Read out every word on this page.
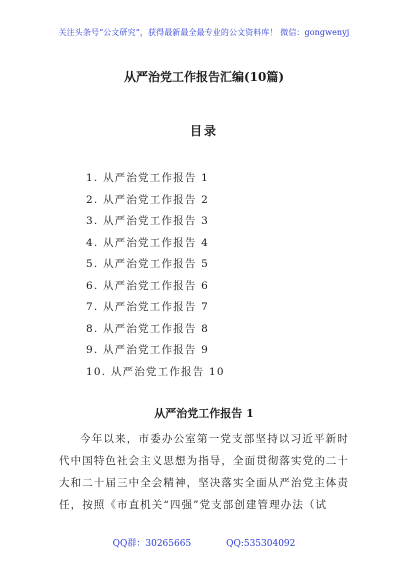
关注头条号“公文研究”，获得最新最全最专业的公文资料库！ 微信：gongwenyj
从严治党工作报告汇编(10篇)
目录
1. 从严治党工作报告 1
2. 从严治党工作报告 2
3. 从严治党工作报告 3
4. 从严治党工作报告 4
5. 从严治党工作报告 5
6. 从严治党工作报告 6
7. 从严治党工作报告 7
8. 从严治党工作报告 8
9. 从严治党工作报告 9
10. 从严治党工作报告 10
从严治党工作报告 1

今年以来，市委办公室第一党支部坚持以习近平新时代中国特色社会主义思想为指导，全面贯彻落实党的二十大和二十届三中全会精神，坚决落实全面从严治党主体责任，按照《市直机关“四强”党支部创建管理办法（试

QQ群：30265665	QQ:535304092
